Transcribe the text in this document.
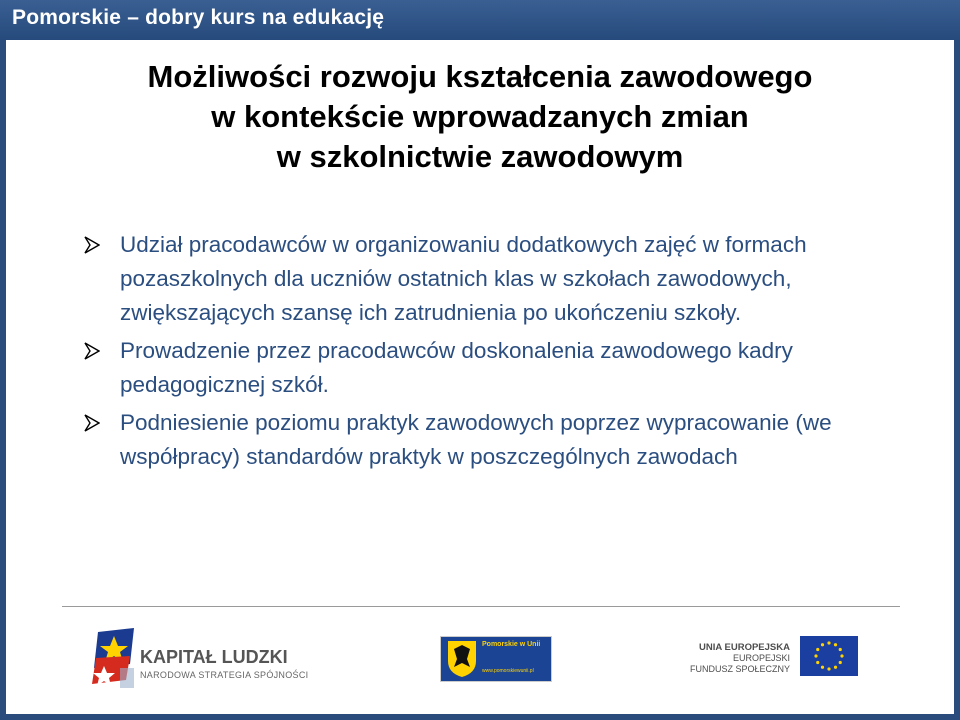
Pomorskie – dobry kurs na edukację
Możliwości rozwoju kształcenia zawodowego
w kontekście wprowadzanych zmian
w szkolnictwie zawodowym
Udział pracodawców w organizowaniu dodatkowych zajęć w formach pozaszkolnych dla uczniów ostatnich klas w szkołach zawodowych, zwiększających szansę ich zatrudnienia po ukończeniu szkoły.
Prowadzenie przez pracodawców doskonalenia zawodowego kadry pedagogicznej szkół.
Podniesienie poziomu praktyk zawodowych poprzez wypracowanie (we współpracy) standardów praktyk w poszczególnych zawodach
KAPITAŁ LUDZKI
NARODOWA STRATEGIA SPÓJNOŚCI
Pomorskie w Unii
www.pomorskiewunii.pl
UNIA EUROPEJSKA
EUROPEJSKI
FUNDUSZ SPOŁECZNY
